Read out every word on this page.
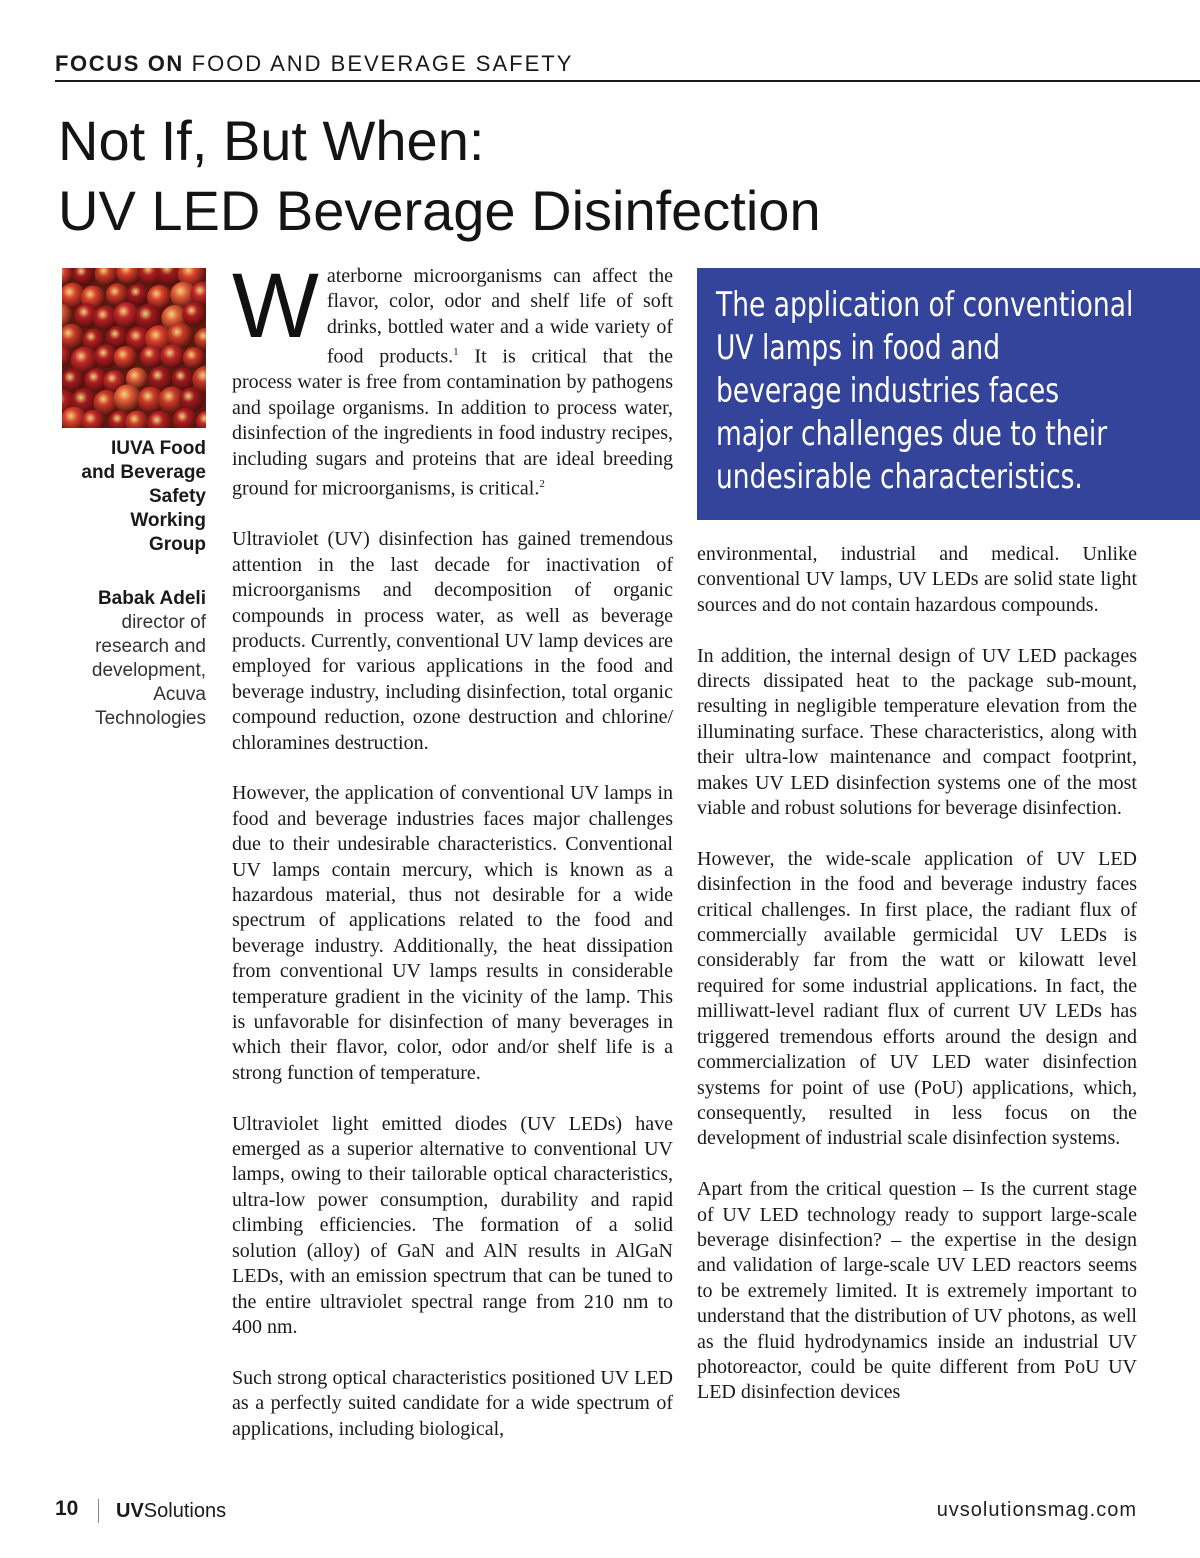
FOCUS ON FOOD AND BEVERAGE SAFETY
Not If, But When:
UV LED Beverage Disinfection
IUVA Food
and Beverage
Safety
Working
Group
Babak Adeli
director of
research and
development,
Acuva
Technologies

Waterborne microorganisms can affect the flavor, color, odor and shelf life of soft drinks, bottled water and a wide variety of food products.$^1$ It is critical that the process water is free from contamination by pathogens and spoilage organisms. In addition to process water, disinfection of the ingredients in food industry recipes, including sugars and proteins that are ideal breeding ground for microorganisms, is critical.$^2$

Ultraviolet (UV) disinfection has gained tremendous attention in the last decade for inactivation of microorganisms and decomposition of organic compounds in process water, as well as beverage products. Currently, conventional UV lamp devices are employed for various applications in the food and beverage industry, including disinfection, total organic compound reduction, ozone destruction and chlorine/ chloramines destruction.

However, the application of conventional UV lamps in food and beverage industries faces major challenges due to their undesirable characteristics. Conventional UV lamps contain mercury, which is known as a hazardous material, thus not desirable for a wide spectrum of applications related to the food and beverage industry. Additionally, the heat dissipation from conventional UV lamps results in considerable temperature gradient in the vicinity of the lamp. This is unfavorable for disinfection of many beverages in which their flavor, color, odor and/or shelf life is a strong function of temperature.

Ultraviolet light emitted diodes (UV LEDs) have emerged as a superior alternative to conventional UV lamps, owing to their tailorable optical characteristics, ultra-low power consumption, durability and rapid climbing efficiencies. The formation of a solid solution (alloy) of GaN and AlN results in AlGaN LEDs, with an emission spectrum that can be tuned to the entire ultraviolet spectral range from 210 nm to 400 nm.

Such strong optical characteristics positioned UV LED as a perfectly suited candidate for a wide spectrum of applications, including biological,

The application of conventional
UV lamps in food and
beverage industries faces
major challenges due to their
undesirable characteristics.

environmental, industrial and medical. Unlike conventional UV lamps, UV LEDs are solid state light sources and do not contain hazardous compounds.

In addition, the internal design of UV LED packages directs dissipated heat to the package sub-mount, resulting in negligible temperature elevation from the illuminating surface. These characteristics, along with their ultra-low maintenance and compact footprint, makes UV LED disinfection systems one of the most viable and robust solutions for beverage disinfection.

However, the wide-scale application of UV LED disinfection in the food and beverage industry faces critical challenges. In first place, the radiant flux of commercially available germicidal UV LEDs is considerably far from the watt or kilowatt level required for some industrial applications. In fact, the milliwatt-level radiant flux of current UV LEDs has triggered tremendous efforts around the design and commercialization of UV LED water disinfection systems for point of use (PoU) applications, which, consequently, resulted in less focus on the development of industrial scale disinfection systems.

Apart from the critical question – Is the current stage of UV LED technology ready to support large-scale beverage disinfection? – the expertise in the design and validation of large-scale UV LED reactors seems to be extremely limited. It is extremely important to understand that the distribution of UV photons, as well as the fluid hydrodynamics inside an industrial UV photoreactor, could be quite different from PoU UV LED disinfection devices

10 UVSolutions	uvsolutionsmag.com
